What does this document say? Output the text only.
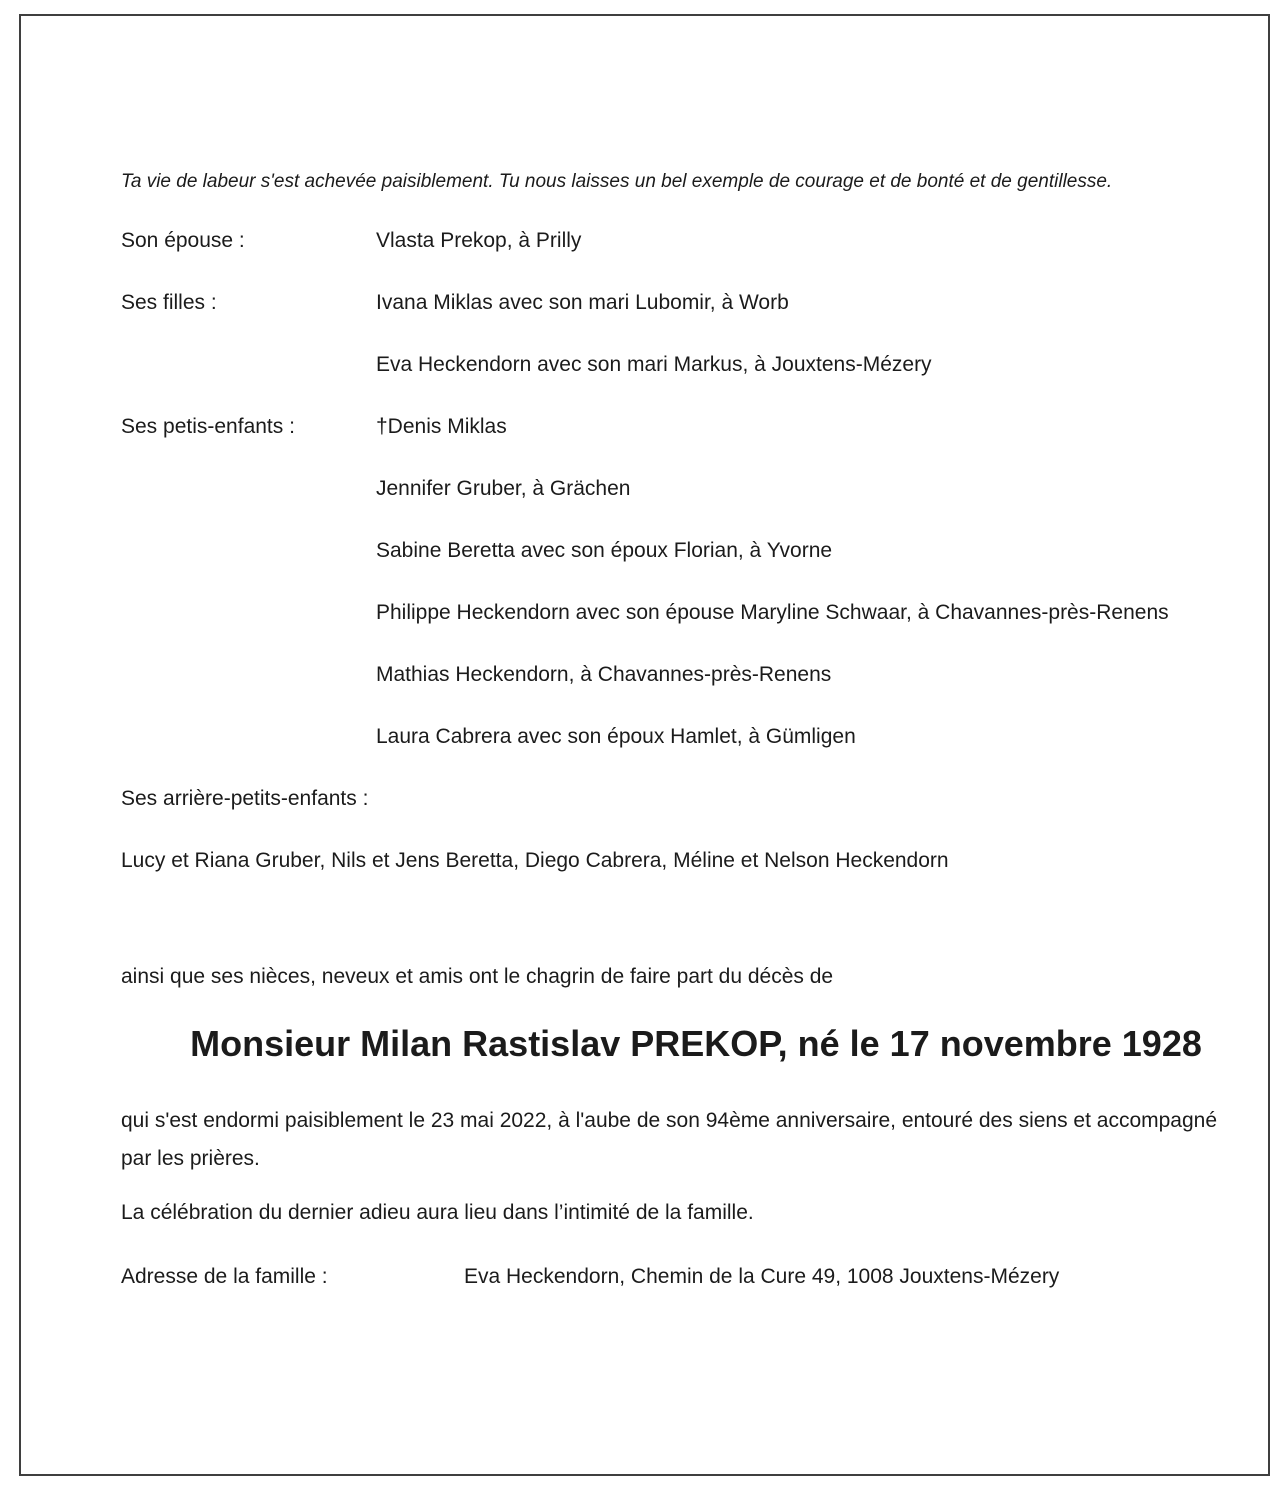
Ta vie de labeur s'est achevée paisiblement. Tu nous laisses un bel exemple de courage et de bonté et de gentillesse.
Son épouse :	Vlasta Prekop, à Prilly
Ses filles :	Ivana Miklas avec son mari Lubomir, à Worb
Eva Heckendorn avec son mari Markus, à Jouxtens-Mézery
Ses petis-enfants :	†Denis Miklas
Jennifer Gruber, à Grächen
Sabine Beretta avec son époux Florian, à Yvorne
Philippe Heckendorn avec son épouse Maryline Schwaar, à Chavannes-près-Renens
Mathias Heckendorn, à Chavannes-près-Renens
Laura Cabrera avec son époux Hamlet, à Gümligen
Ses arrière-petits-enfants :
Lucy et Riana Gruber, Nils et Jens Beretta, Diego Cabrera, Méline et Nelson Heckendorn
ainsi que ses nièces, neveux et amis ont le chagrin de faire part du décès de
Monsieur Milan Rastislav PREKOP, né le 17 novembre 1928
qui s'est endormi paisiblement le 23 mai 2022, à l'aube de son 94ème anniversaire, entouré des siens et accompagné par les prières.
La célébration du dernier adieu aura lieu dans l’intimité de la famille.
Adresse de la famille :	Eva Heckendorn, Chemin de la Cure 49, 1008 Jouxtens-Mézery
